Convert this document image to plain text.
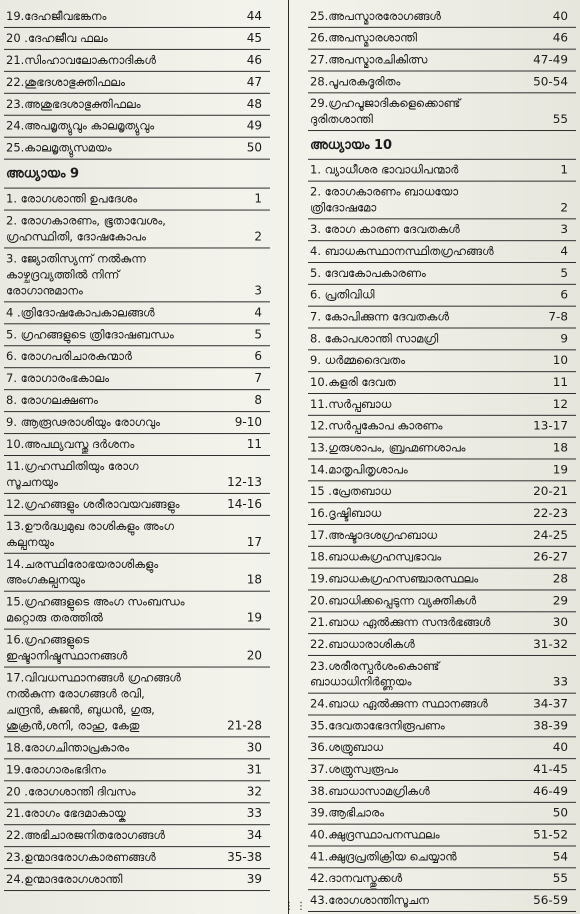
19.ദേഹജീവഭങ്കനം	44
20 .ദേഹജീവ ഫലം	45
21.സിംഹാവലോകനാദികൾ	46
22.ശുഭദശാഭുക്തിഫലം	47
23.അശുഭദശാഭുക്തിഫലം	48
24.അപമൃത്യുവും കാലമൃത്യുവും	49
25.കാലമൃത്യുസമയം	50
അധ്യായം 9
1. രോഗശാന്തി ഉപദേശം	1
2. രോഗകാരണം, ഭൂതാവേശം,
ഗ്രഹസ്ഥിതി, ദോഷകോപം	2
3. ജ്യോതിസ്യന്ന് നൽകുന്ന
കാഴ്ചദ്രവ്യത്തിൽ നിന്ന്
രോഗാനുമാനം	3
4 .ത്രിദോഷകോപകാലങ്ങൾ	4
5. ഗ്രഹങ്ങളുടെ ത്രിദോഷബന്ധം	5
6. രോഗപരിചാരകന്മാർ	6
7. രോഗാരംഭകാലം	7
8. രോഗലക്ഷണം	8
9. ആരൂഢരാശിയും രോഗവും	9-10
10.അപഥ്യവസ്തു ദർശനം	11
11.ഗ്രഹസ്ഥിതിയും രോഗ
സൂചനയും	12-13
12.ഗ്രഹങ്ങളും ശരീരാവയവങ്ങളും	14-16
13.ഊർദ്ധ്വമുഖ രാശികളും അംഗ
കല്പനയും	17
14.ചരസ്ഥിരോഭയരാശികളും
അംഗകല്പനയും	18
15.ഗ്രഹങ്ങളുടെ അംഗ സംബന്ധം
മറ്റൊരു തരത്തിൽ	19
16.ഗ്രഹങ്ങളുടെ
ഇഷ്ടാനിഷ്ടസ്ഥാനങ്ങൾ	20
17.വിവധസ്ഥാനങ്ങൾ ഗ്രഹങ്ങൾ
നൽകുന്ന രോഗങ്ങൾ രവി,
ചന്ദ്രൻ, കുജൻ, ബുധൻ, ഗുരു,
ശുക്രൻ,ശനി, രാഹു, കേതു	21-28
18.രോഗചിന്താപ്രകാരം	30
19.രോഗാരംഭദിനം	31
20 .രോഗശാന്തി ദിവസം	32
21.രോഗം ഭേദമാകായ്ക	33
22.അഭിചാരജനിതരോഗങ്ങൾ	34
23.ഉന്മാദരോഗകാരണങ്ങൾ	35-38
24.ഉന്മാദരോഗശാന്തി	39
25.അപസ്മാരരോഗങ്ങൾ	40
26.അപസ്മാരശാന്തി	46
27.അപസ്മാരചികിത്സ	47-49
28.പൂപരകദൂരിതം	50-54
29.ഗ്രഹപൂജാദികളെക്കൊണ്ട്
ദുരിതശാന്തി	55
അധ്യായം 10
1. വ്യാധീശര ഭാവാധിപന്മാർ	1
2. രോഗകാരണം ബാധയോ
ത്രിദോഷമോ	2
3. രോഗ കാരണ ദേവതകൾ	3
4. ബാധകസ്ഥാനസ്ഥിതഗ്രഹങ്ങൾ	4
5. ദേവകോപകാരണം	5
6. പ്രതിവിധി	6
7. കോപിക്കുന്ന ദേവതകൾ	7-8
8. കോപശാന്തി സാമഗ്രി	9
9. ധർമ്മദൈവതം	10
10.കളരി ദേവത	11
11.സർപ്പബാധ	12
12.സർപ്പകോപ കാരണം	13-17
13.ഗുരുശാപം, ബ്രഹ്മണശാപം	18
14.മാതൃപിതൃശാപം	19
15 .പ്രേതബാധ	20-21
16.ദൃഷ്ടിബാധ	22-23
17.അഷ്ടാദശഗ്രഹബാധ	24-25
18.ബാധകഗ്രഹസ്വഭാവം	26-27
19.ബാധകഗ്രഹസഞ്ചാരസ്ഥലം	28
20.ബാധിക്കപ്പെടുന്ന വ്യക്തികൾ	29
21.ബാധ ഏൽക്കുന്ന സന്ദർഭങ്ങൾ	30
22.ബാധാരാശികൾ	31-32
23.ശരീരസ്പർശംകൊണ്ട്
ബാധാധിനിർണ്ണയം	33
24.ബാധ ഏൽക്കുന്ന സ്ഥാനങ്ങൾ	34-37
35.ദേവതാഭേദനിരൂപണം	38-39
36.ശത്രുബാധ	40
37.ശത്രുസ്വരൂപം	41-45
38.ബാധാസാമഗ്രികൾ	46-49
39.ആഭിചാരം	50
40.ക്ഷുദ്രസ്ഥാപനസ്ഥലം	51-52
41.ക്ഷുദ്രപ്രതിക്രിയ ചെയ്യാൻ	54
42.ദാനവസ്തുക്കൾ	55
43.രോഗശാന്തിസൂചന	56-59
⋮⋮
